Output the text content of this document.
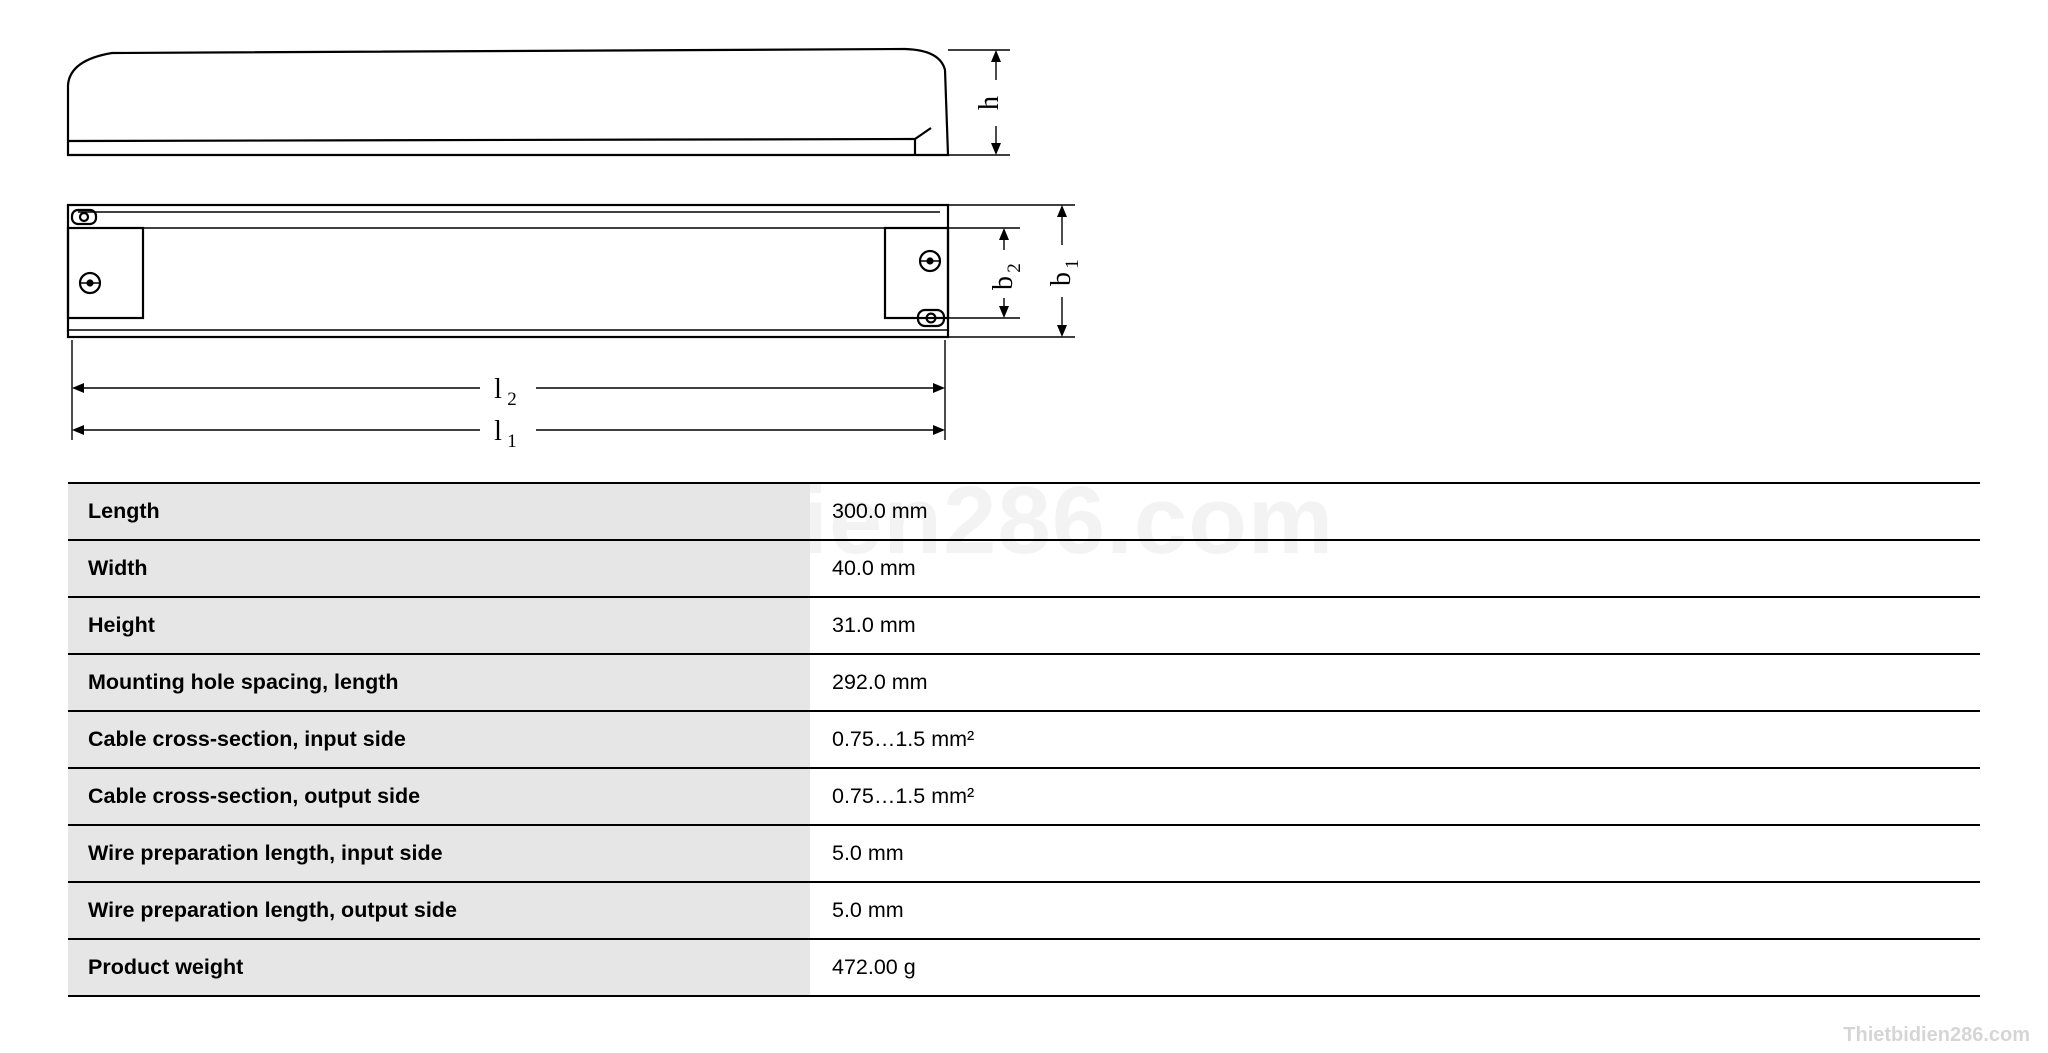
Thietbidien286.com
h
b
2
b
1
l 2
l 1
Length	300.0 mm
Width	40.0 mm
Height	31.0 mm
Mounting hole spacing, length	292.0 mm
Cable cross-section, input side	0.75…1.5 mm²
Cable cross-section, output side	0.75…1.5 mm²
Wire preparation length, input side	5.0 mm
Wire preparation length, output side	5.0 mm
Product weight	472.00 g
